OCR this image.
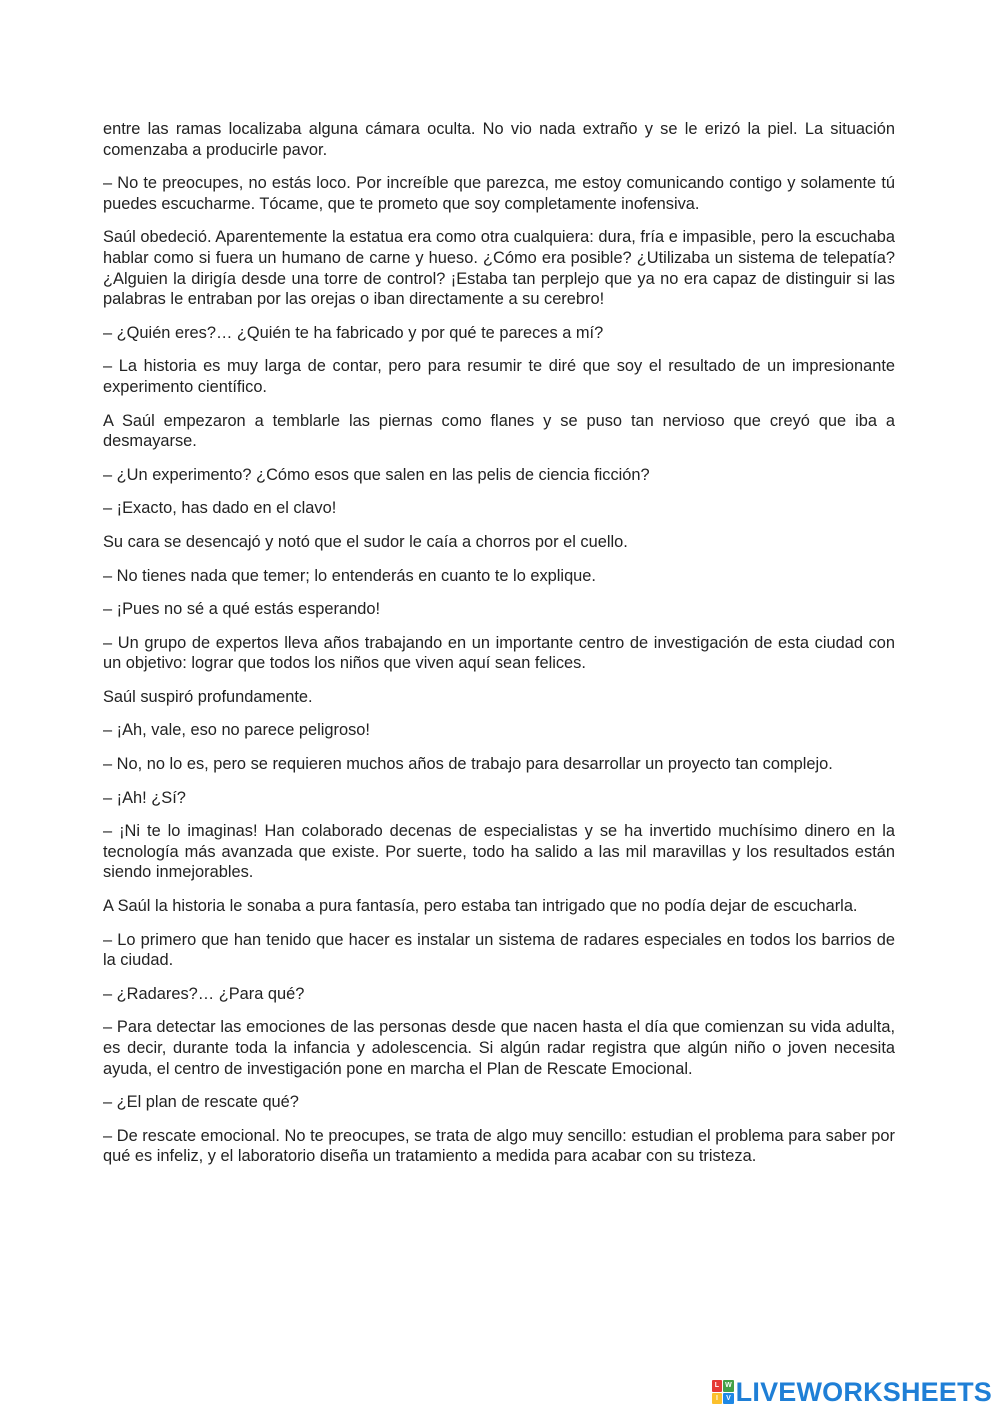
entre las ramas localizaba alguna cámara oculta. No vio nada extraño y se le erizó la piel. La situación comenzaba a producirle pavor.

– No te preocupes, no estás loco. Por increíble que parezca, me estoy comunicando contigo y solamente tú puedes escucharme. Tócame, que te prometo que soy completamente inofensiva.

Saúl obedeció. Aparentemente la estatua era como otra cualquiera: dura, fría e impasible, pero la escuchaba hablar como si fuera un humano de carne y hueso. ¿Cómo era posible? ¿Utilizaba un sistema de telepatía? ¿Alguien la dirigía desde una torre de control? ¡Estaba tan perplejo que ya no era capaz de distinguir si las palabras le entraban por las orejas o iban directamente a su cerebro!

– ¿Quién eres?… ¿Quién te ha fabricado y por qué te pareces a mí?

– La historia es muy larga de contar, pero para resumir te diré que soy el resultado de un impresionante experimento científico.

A Saúl empezaron a temblarle las piernas como flanes y se puso tan nervioso que creyó que iba a desmayarse.

– ¿Un experimento? ¿Cómo esos que salen en las pelis de ciencia ficción?

– ¡Exacto, has dado en el clavo!

Su cara se desencajó y notó que el sudor le caía a chorros por el cuello.

– No tienes nada que temer; lo entenderás en cuanto te lo explique.

– ¡Pues no sé a qué estás esperando!

– Un grupo de expertos lleva años trabajando en un importante centro de investigación de esta ciudad con un objetivo: lograr que todos los niños que viven aquí sean felices.

Saúl suspiró profundamente.

– ¡Ah, vale, eso no parece peligroso!

– No, no lo es, pero se requieren muchos años de trabajo para desarrollar un proyecto tan complejo.

– ¡Ah! ¿Sí?

– ¡Ni te lo imaginas! Han colaborado decenas de especialistas y se ha invertido muchísimo dinero en la tecnología más avanzada que existe. Por suerte, todo ha salido a las mil maravillas y los resultados están siendo inmejorables.

A Saúl la historia le sonaba a pura fantasía, pero estaba tan intrigado que no podía dejar de escucharla.

– Lo primero que han tenido que hacer es instalar un sistema de radares especiales en todos los barrios de la ciudad.

– ¿Radares?… ¿Para qué?

– Para detectar las emociones de las personas desde que nacen hasta el día que comienzan su vida adulta, es decir, durante toda la infancia y adolescencia. Si algún radar registra que algún niño o joven necesita ayuda, el centro de investigación pone en marcha el Plan de Rescate Emocional.

– ¿El plan de rescate qué?

– De rescate emocional. No te preocupes, se trata de algo muy sencillo: estudian el problema para saber por qué es infeliz, y el laboratorio diseña un tratamiento a medida para acabar con su tristeza.

L W
I	V LIVEWORKSHEETS
